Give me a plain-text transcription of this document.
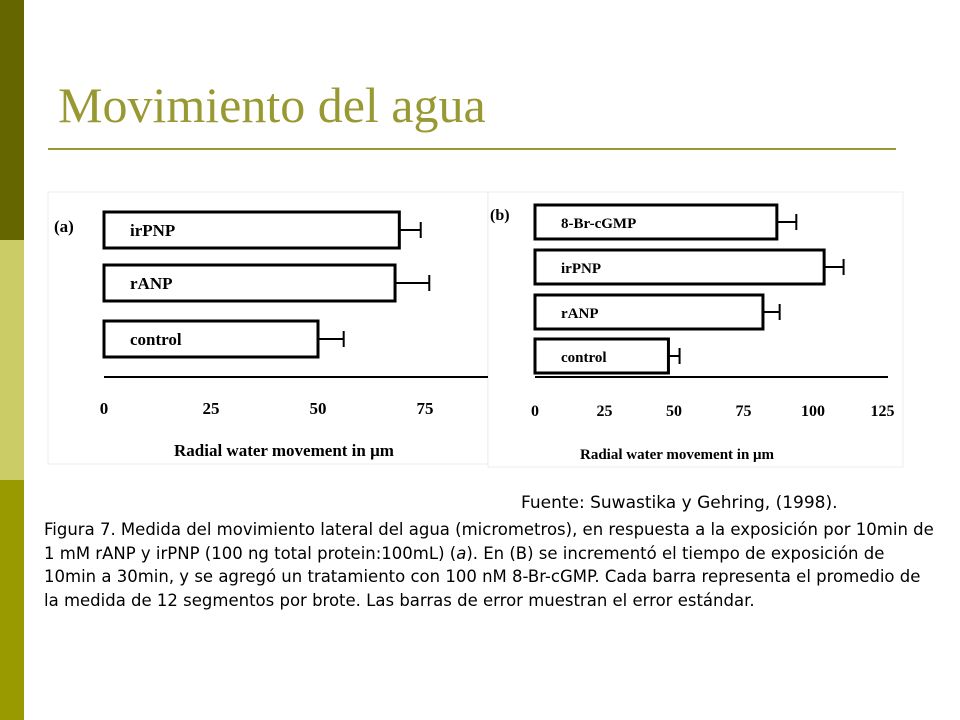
Movimiento del agua
(a)
0	25	50	75
Radial water movement in μm
irPNP
rANP
control
(b)
0	25	50	75	100	125
Radial water movement in μm
8-Br-cGMP
irPNP
rANP
control
Fuente: Suwastika y Gehring, (1998).
Figura 7. Medida del movimiento lateral del agua (micrometros), en respuesta a la exposición por 10min de 1 mM rANP y irPNP (100 ng total protein:100mL) (a). En (B) se incrementó el tiempo de exposición de 10min a 30min, y se agregó un tratamiento con 100 nM 8-Br-cGMP. Cada barra representa el promedio de la medida de 12 segmentos por brote. Las barras de error muestran el error estándar.
